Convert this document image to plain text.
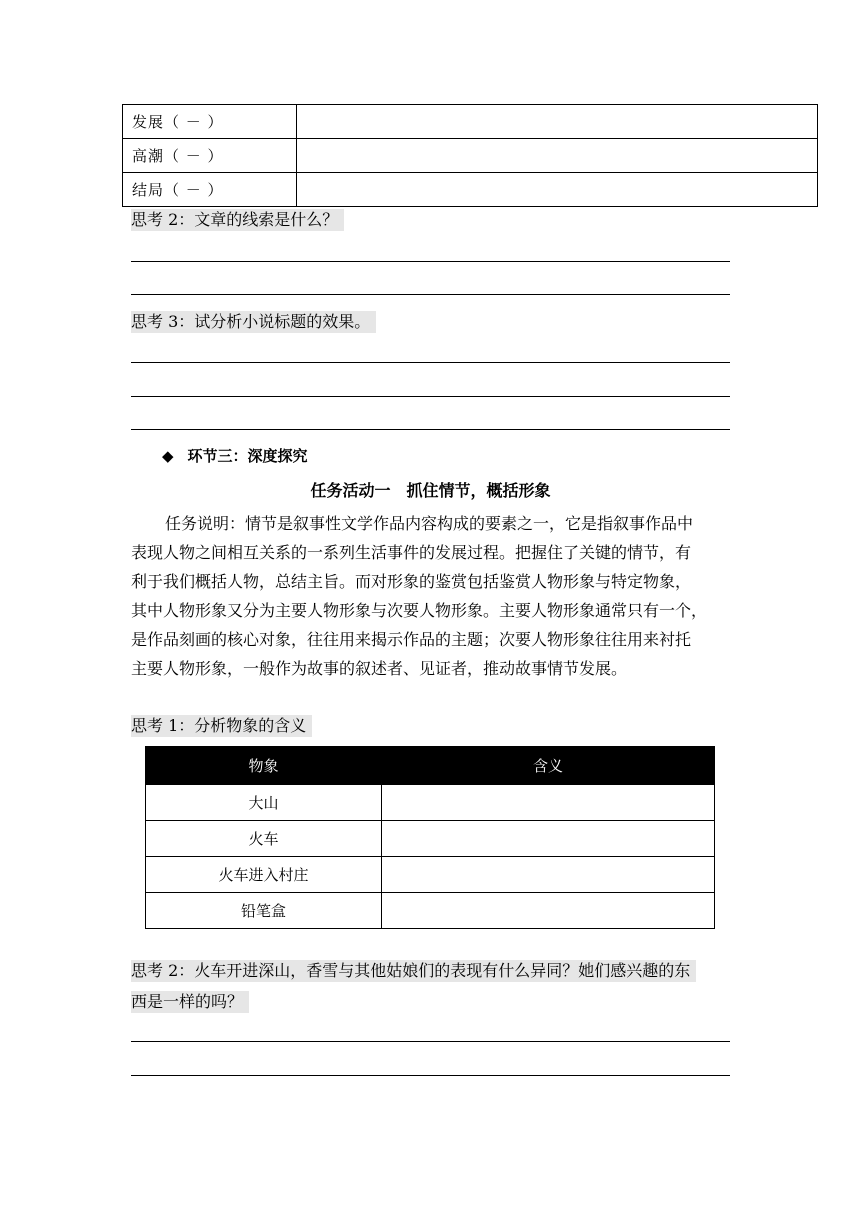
发展（ － ）	
高潮（ － ）	
结局（ － ）	
思考 2：文章的线索是什么？
思考 3：试分析小说标题的效果。
◆ 环节三：深度探究
任务活动一　抓住情节，概括形象
任务说明：情节是叙事性文学作品内容构成的要素之一，它是指叙事作品中
表现人物之间相互关系的一系列生活事件的发展过程。把握住了关键的情节，有
利于我们概括人物，总结主旨。而对形象的鉴赏包括鉴赏人物形象与特定物象，
其中人物形象又分为主要人物形象与次要人物形象。主要人物形象通常只有一个，
是作品刻画的核心对象，往往用来揭示作品的主题；次要人物形象往往用来衬托
主要人物形象，一般作为故事的叙述者、见证者，推动故事情节发展。
思考 1：分析物象的含义
物象	含义
大山	
火车	
火车进入村庄	
铅笔盒	
思考 2：火车开进深山，香雪与其他姑娘们的表现有什么异同？她们感兴趣的东
西是一样的吗？
